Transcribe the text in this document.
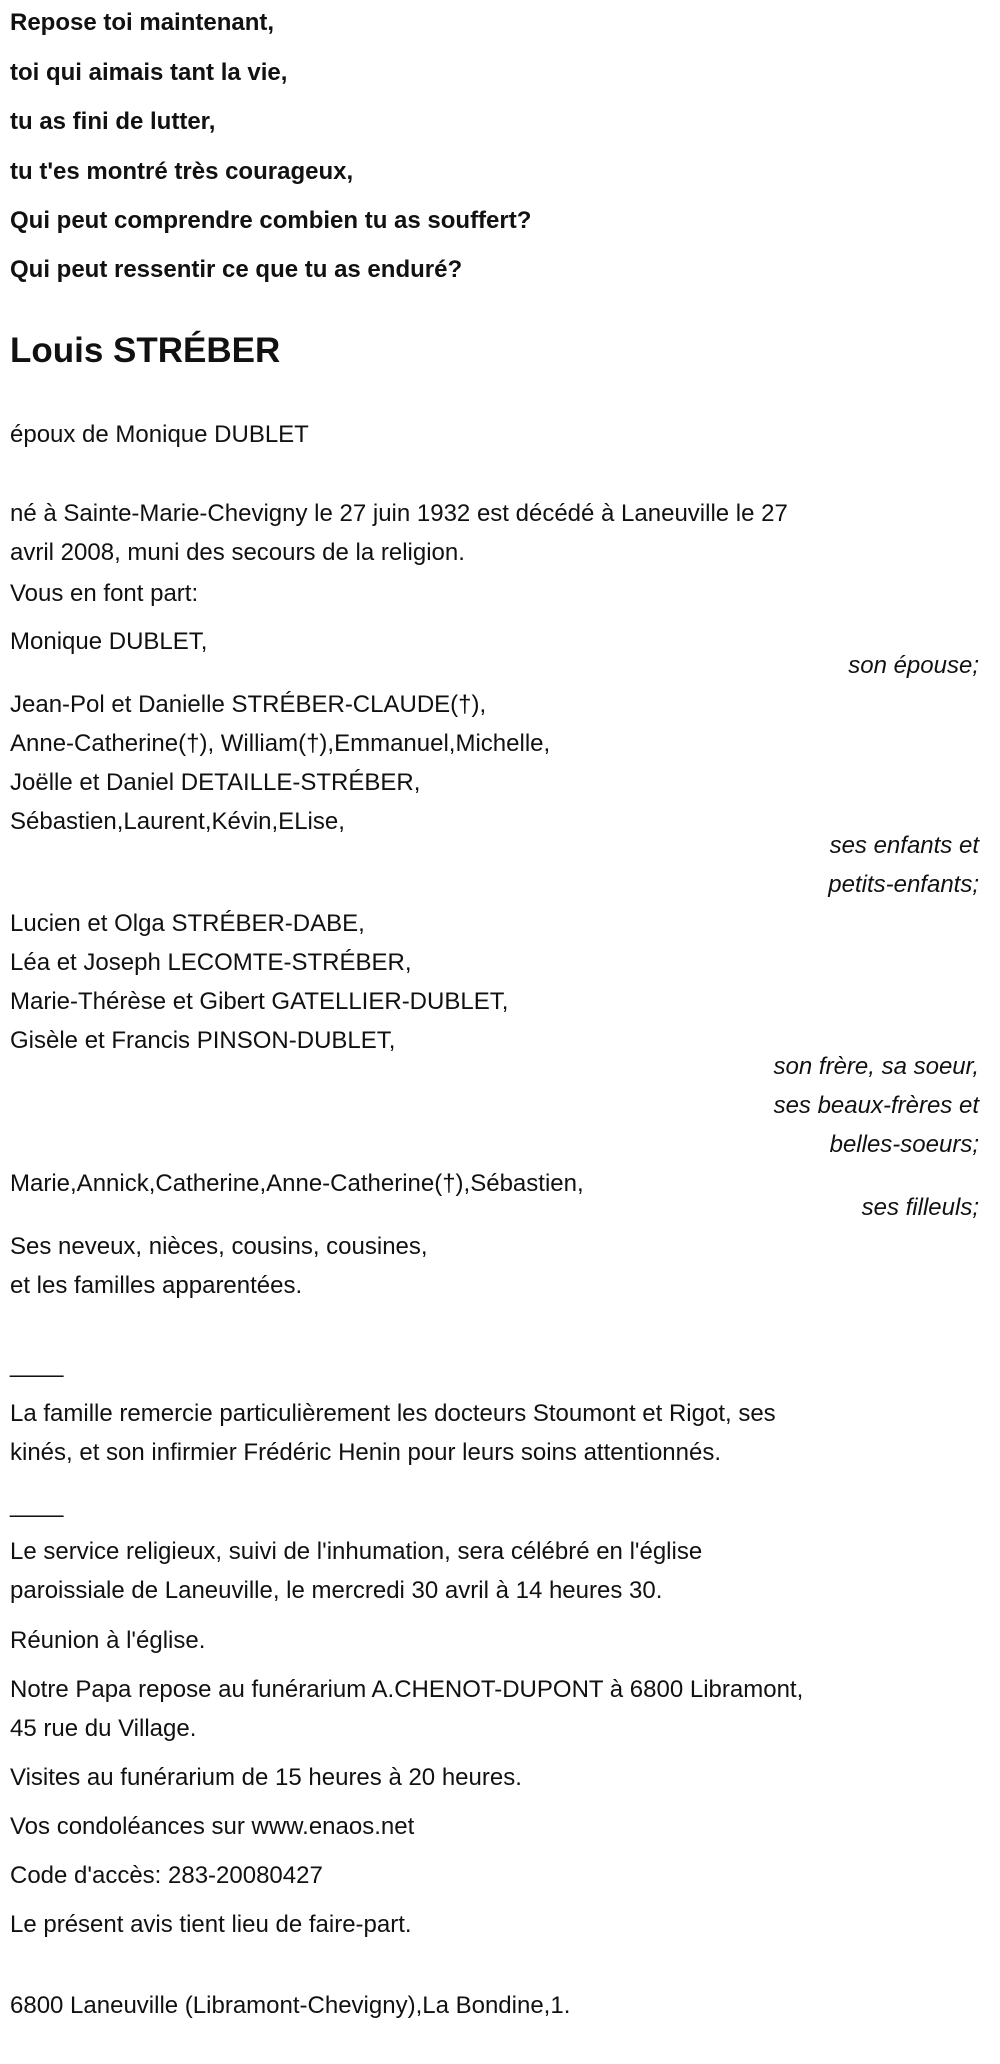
Repose toi maintenant,
toi qui aimais tant la vie,
tu as fini de lutter,
tu t'es montré très courageux,
Qui peut comprendre combien tu as souffert?
Qui peut ressentir ce que tu as enduré?
Louis STRÉBER
époux de Monique DUBLET
né à Sainte-Marie-Chevigny le 27 juin 1932 est décédé à Laneuville le 27
avril 2008, muni des secours de la religion.
Vous en font part:
Monique DUBLET,
son épouse;
Jean-Pol et Danielle STRÉBER-CLAUDE(†),
Anne-Catherine(†), William(†),Emmanuel,Michelle,
Joëlle et Daniel DETAILLE-STRÉBER,
Sébastien,Laurent,Kévin,ELise,
ses enfants et
petits-enfants;
Lucien et Olga STRÉBER-DABE,
Léa et Joseph LECOMTE-STRÉBER,
Marie-Thérèse et Gibert GATELLIER-DUBLET,
Gisèle et Francis PINSON-DUBLET,
son frère, sa soeur,
ses beaux-frères et
belles-soeurs;
Marie,Annick,Catherine,Anne-Catherine(†),Sébastien,
ses filleuls;
Ses neveux, nièces, cousins, cousines,
et les familles apparentées.
____
La famille remercie particulièrement les docteurs Stoumont et Rigot, ses
kinés, et son infirmier Frédéric Henin pour leurs soins attentionnés.
____
Le service religieux, suivi de l'inhumation, sera célébré en l'église
paroissiale de Laneuville, le mercredi 30 avril à 14 heures 30.
Réunion à l'église.
Notre Papa repose au funérarium A.CHENOT-DUPONT à 6800 Libramont,
45 rue du Village.
Visites au funérarium de 15 heures à 20 heures.
Vos condoléances sur www.enaos.net
Code d'accès: 283-20080427
Le présent avis tient lieu de faire-part.
6800 Laneuville (Libramont-Chevigny),La Bondine,1.
